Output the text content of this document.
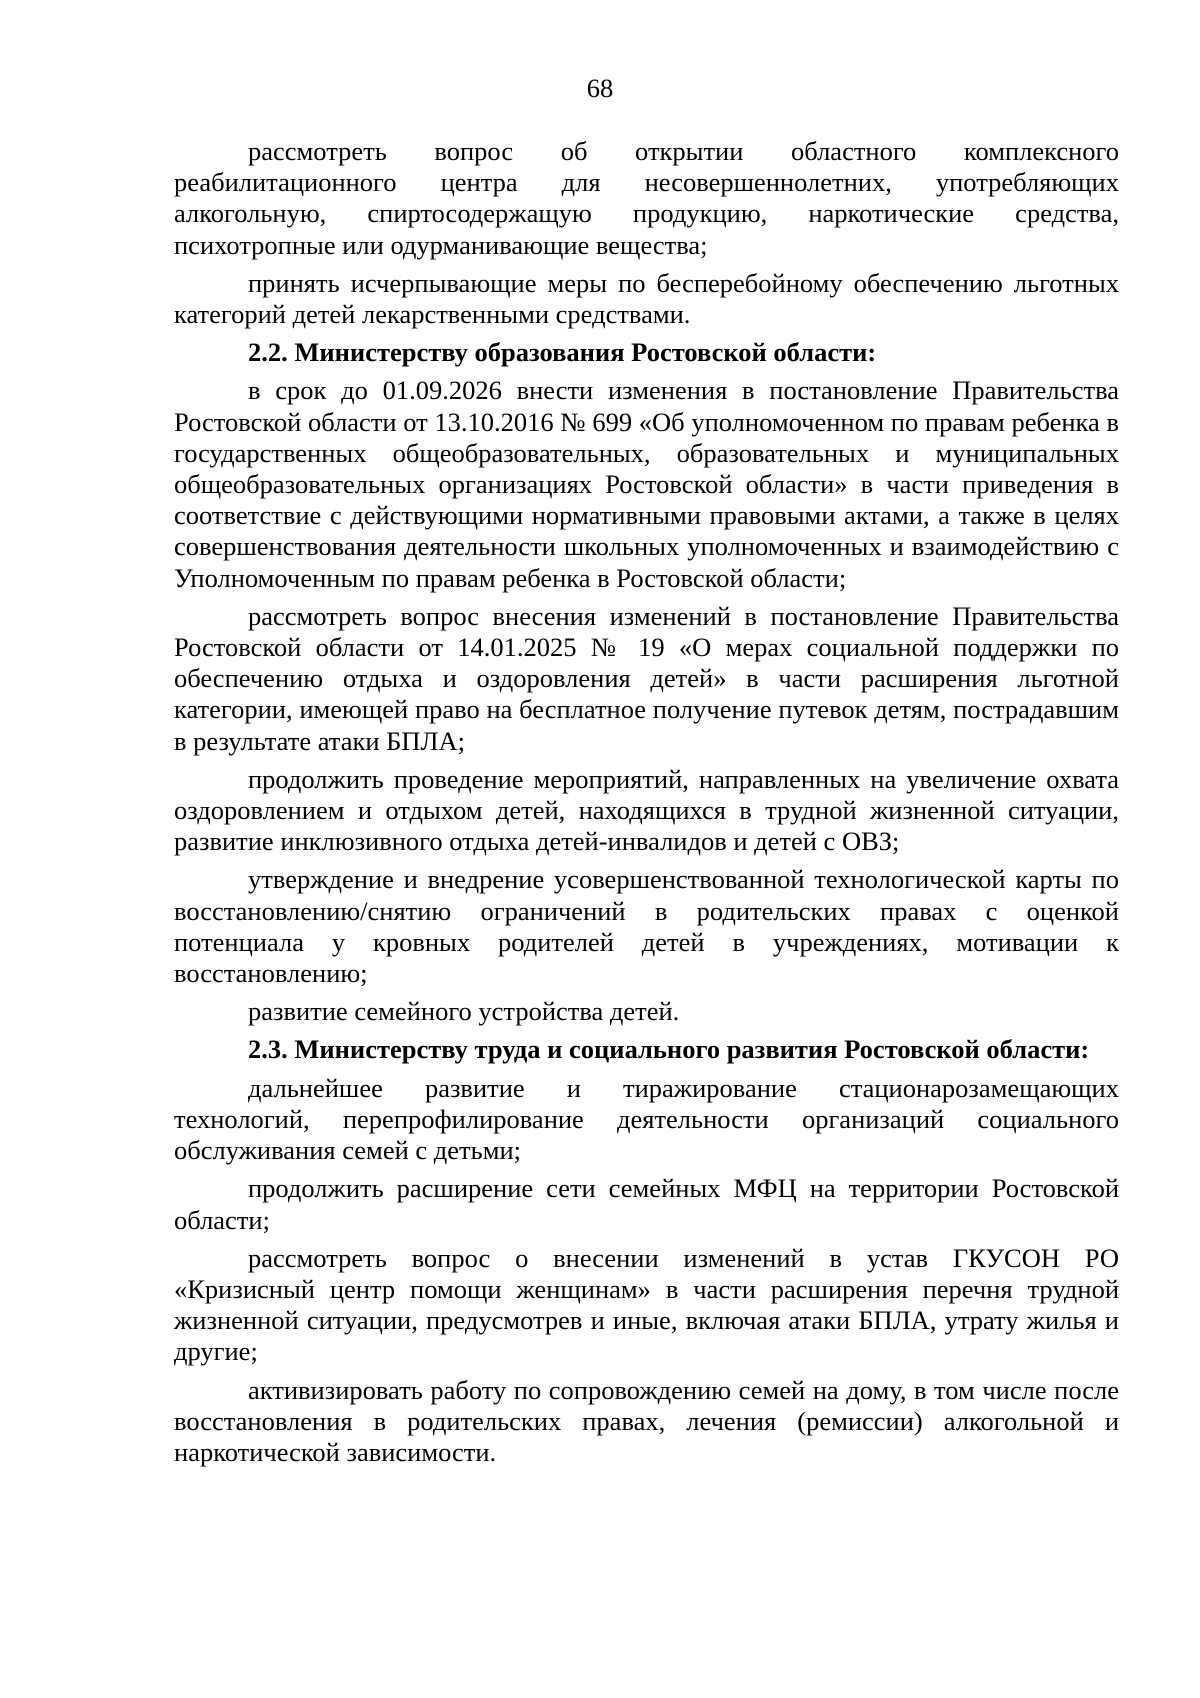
68

рассмотреть вопрос об открытии областного комплексного реабилитационного центра для несовершеннолетних, употребляющих алкогольную, спиртосодержащую продукцию, наркотические средства, психотропные или одурманивающие вещества;

принять исчерпывающие меры по бесперебойному обеспечению льготных категорий детей лекарственными средствами.

2.2. Министерству образования Ростовской области:

в срок до 01.09.2026 внести изменения в постановление Правительства Ростовской области от 13.10.2016 № 699 «Об уполномоченном по правам ребенка в государственных общеобразовательных, образовательных и муниципальных общеобразовательных организациях Ростовской области» в части приведения в соответствие с действующими нормативными правовыми актами, а также в целях совершенствования деятельности школьных уполномоченных и взаимодействию с Уполномоченным по правам ребенка в Ростовской области;

рассмотреть вопрос внесения изменений в постановление Правительства Ростовской области от 14.01.2025 № 19 «О мерах социальной поддержки по обеспечению отдыха и оздоровления детей» в части расширения льготной категории, имеющей право на бесплатное получение путевок детям, пострадавшим в результате атаки БПЛА;

продолжить проведение мероприятий, направленных на увеличение охвата оздоровлением и отдыхом детей, находящихся в трудной жизненной ситуации, развитие инклюзивного отдыха детей-инвалидов и детей с ОВЗ;

утверждение и внедрение усовершенствованной технологической карты по восстановлению/снятию ограничений в родительских правах с оценкой потенциала у кровных родителей детей в учреждениях, мотивации к восстановлению;

развитие семейного устройства детей.

2.3. Министерству труда и социального развития Ростовской области:

дальнейшее развитие и тиражирование стационарозамещающих технологий, перепрофилирование деятельности организаций социального обслуживания семей с детьми;

продолжить расширение сети семейных МФЦ на территории Ростовской области;

рассмотреть вопрос о внесении изменений в устав ГКУСОН РО «Кризисный центр помощи женщинам» в части расширения перечня трудной жизненной ситуации, предусмотрев и иные, включая атаки БПЛА, утрату жилья и другие;

активизировать работу по сопровождению семей на дому, в том числе после восстановления в родительских правах, лечения (ремиссии) алкогольной и наркотической зависимости.
